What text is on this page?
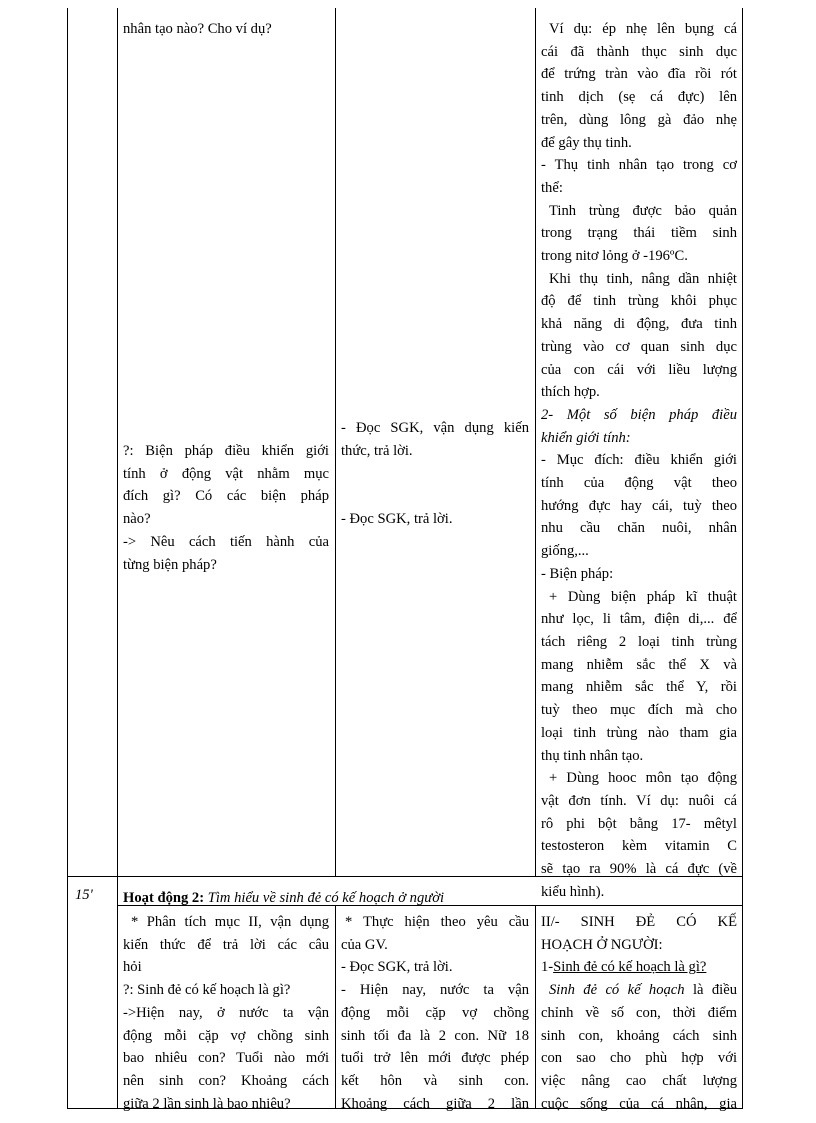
nhân tạo nào? Cho ví dụ?	Ví dụ: ép nhẹ lên bụng cá

cái đã thành thục sinh dục

để trứng tràn vào đĩa rồi rót

tinh dịch (sẹ cá đực) lên

trên, dùng lông gà đảo nhẹ

để gây thụ tinh.

- Thụ tinh nhân tạo trong cơ

thể:

Tinh trùng được bảo quản

trong trạng thái tiềm sinh

trong nitơ lỏng ở -196ºC.

Khi thụ tinh, nâng dần nhiệt

độ để tinh trùng khôi phục

khả năng di động, đưa tinh

trùng vào cơ quan sinh dục

của con cái với liều lượng

thích hợp.

2- Một số biện pháp điều

khiển giới tính:

- Mục đích: điều khiển giới

tính của động vật theo

hướng đực hay cái, tuỳ theo

nhu cầu chăn nuôi, nhân

giống,...

- Biện pháp:

+ Dùng biện pháp kĩ thuật

như lọc, li tâm, điện di,... để

tách riêng 2 loại tinh trùng

mang nhiễm sắc thể X và

mang nhiễm sắc thể Y, rồi

tuỳ theo mục đích mà cho

loại tinh trùng nào tham gia

thụ tinh nhân tạo.

+ Dùng hooc môn tạo động

vật đơn tính. Ví dụ: nuôi cá

rô phi bột bằng 17- mêtyl

testosteron kèm vitamin C

sẽ tạo ra 90% là cá đực (về

kiểu hình).

?: Biện pháp điều khiển giới

tính ở động vật nhằm mục

đích gì? Có các biện pháp

nào?

-> Nêu cách tiến hành của

từng biện pháp?

- Đọc SGK, vận dụng kiến

thức, trả lời.

- Đọc SGK, trả lời.

15' Hoạt động 2: Tìm hiểu về sinh đẻ có kế hoạch ở người

* Phân tích mục II, vận dụng

kiến thức để trả lời các câu

hỏi

?: Sinh đẻ có kế hoạch là gì?

->Hiện nay, ở nước ta vận

động mỗi cặp vợ chồng sinh

bao nhiêu con? Tuổi nào mới

nên sinh con? Khoảng cách

giữa 2 lần sinh là bao nhiêu?

* Thực hiện theo yêu cầu

của GV.

- Đọc SGK, trả lời.

- Hiện nay, nước ta vận

động mỗi cặp vợ chồng

sinh tối đa là 2 con. Nữ 18

tuổi trở lên mới được phép

kết hôn và sinh con.

Khoảng cách giữa 2 lần

II/- SINH ĐẺ CÓ KẾ

HOẠCH Ở NGƯỜI:

1-Sinh đẻ có kế hoạch là gì?

Sinh đẻ có kế hoạch là điều

chỉnh về số con, thời điểm

sinh con, khoảng cách sinh

con sao cho phù hợp với

việc nâng cao chất lượng

cuộc sống của cá nhân, gia
